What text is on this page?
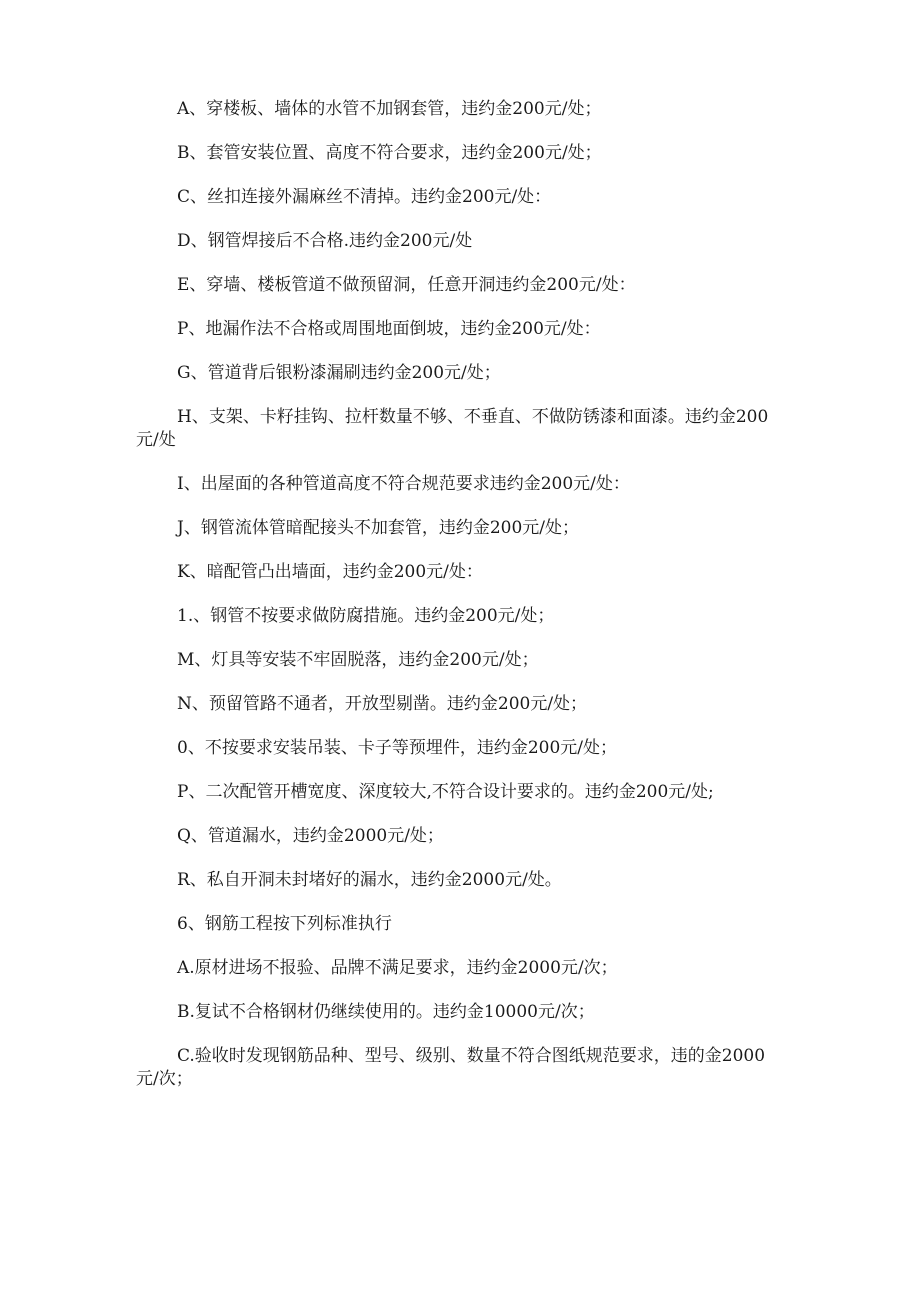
A、穿楼板、墙体的水管不加钢套管，违约金200元/处；

B、套管安装位置、高度不符合要求，违约金200元/处；

C、丝扣连接外漏麻丝不清掉。违约金200元/处：

D、钢管焊接后不合格.违约金200元/处

E、穿墙、楼板管道不做预留洞，任意开洞违约金200元/处：

P、地漏作法不合格或周围地面倒坡，违约金200元/处：

G、管道背后银粉漆漏刷违约金200元/处；

H、支架、卡籽挂钩、拉杆数量不够、不垂直、不做防锈漆和面漆。违约金200元/处

I、出屋面的各种管道高度不符合规范要求违约金200元/处：

J、钢管流体管暗配接头不加套管，违约金200元/处；

K、暗配管凸出墙面，违约金200元/处：

1.、钢管不按要求做防腐措施。违约金200元/处；

M、灯具等安装不牢固脱落，违约金200元/处；

N、预留管路不通者，开放型剔凿。违约金200元/处；

0、不按要求安装吊装、卡子等预埋件，违约金200元/处；

P、二次配管开槽宽度、深度较大,不符合设计要求的。违约金200元/处;

Q、管道漏水，违约金2000元/处；

R、私自开洞未封堵好的漏水，违约金2000元/处。

6、钢筋工程按下列标准执行

A.原材进场不报验、品牌不满足要求，违约金2000元/次；

B.复试不合格钢材仍继续使用的。违约金10000元/次；

C.验收时发现钢筋品种、型号、级别、数量不符合图纸规范要求，违的金2000元/次；
